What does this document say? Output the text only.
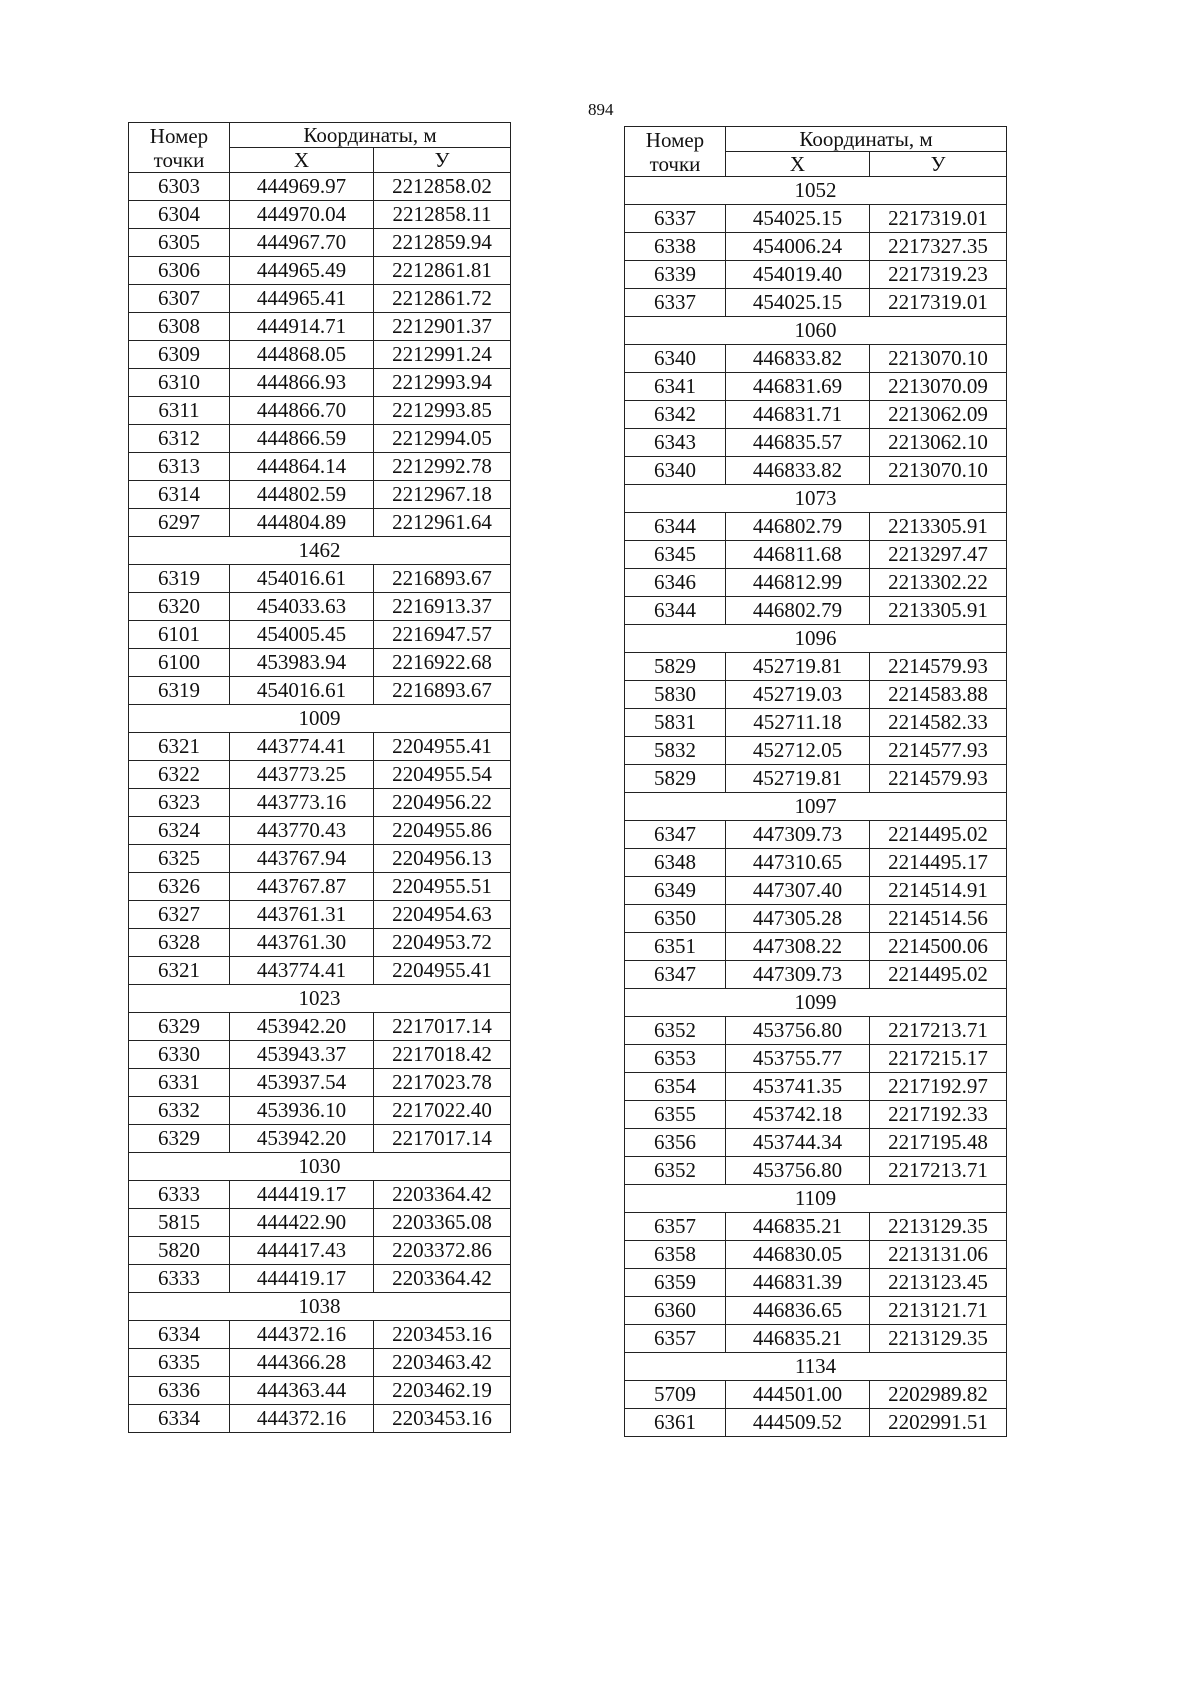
894
Номер точки	Координаты, м	
	X	У
6303	444969.97	2212858.02
6304	444970.04	2212858.11
6305	444967.70	2212859.94
6306	444965.49	2212861.81
6307	444965.41	2212861.72
6308	444914.71	2212901.37
6309	444868.05	2212991.24
6310	444866.93	2212993.94
6311	444866.70	2212993.85
6312	444866.59	2212994.05
6313	444864.14	2212992.78
6314	444802.59	2212967.18
6297	444804.89	2212961.64
1462		
6319	454016.61	2216893.67
6320	454033.63	2216913.37
6101	454005.45	2216947.57
6100	453983.94	2216922.68
6319	454016.61	2216893.67
1009		
6321	443774.41	2204955.41
6322	443773.25	2204955.54
6323	443773.16	2204956.22
6324	443770.43	2204955.86
6325	443767.94	2204956.13
6326	443767.87	2204955.51
6327	443761.31	2204954.63
6328	443761.30	2204953.72
6321	443774.41	2204955.41
1023		
6329	453942.20	2217017.14
6330	453943.37	2217018.42
6331	453937.54	2217023.78
6332	453936.10	2217022.40
6329	453942.20	2217017.14
1030		
6333	444419.17	2203364.42
5815	444422.90	2203365.08
5820	444417.43	2203372.86
6333	444419.17	2203364.42
1038		
6334	444372.16	2203453.16
6335	444366.28	2203463.42
6336	444363.44	2203462.19
6334	444372.16	2203453.16
Номер точки	Координаты, м	
	X	У
1052		
6337	454025.15	2217319.01
6338	454006.24	2217327.35
6339	454019.40	2217319.23
6337	454025.15	2217319.01
1060		
6340	446833.82	2213070.10
6341	446831.69	2213070.09
6342	446831.71	2213062.09
6343	446835.57	2213062.10
6340	446833.82	2213070.10
1073		
6344	446802.79	2213305.91
6345	446811.68	2213297.47
6346	446812.99	2213302.22
6344	446802.79	2213305.91
1096		
5829	452719.81	2214579.93
5830	452719.03	2214583.88
5831	452711.18	2214582.33
5832	452712.05	2214577.93
5829	452719.81	2214579.93
1097		
6347	447309.73	2214495.02
6348	447310.65	2214495.17
6349	447307.40	2214514.91
6350	447305.28	2214514.56
6351	447308.22	2214500.06
6347	447309.73	2214495.02
1099		
6352	453756.80	2217213.71
6353	453755.77	2217215.17
6354	453741.35	2217192.97
6355	453742.18	2217192.33
6356	453744.34	2217195.48
6352	453756.80	2217213.71
1109		
6357	446835.21	2213129.35
6358	446830.05	2213131.06
6359	446831.39	2213123.45
6360	446836.65	2213121.71
6357	446835.21	2213129.35
1134		
5709	444501.00	2202989.82
6361	444509.52	2202991.51
